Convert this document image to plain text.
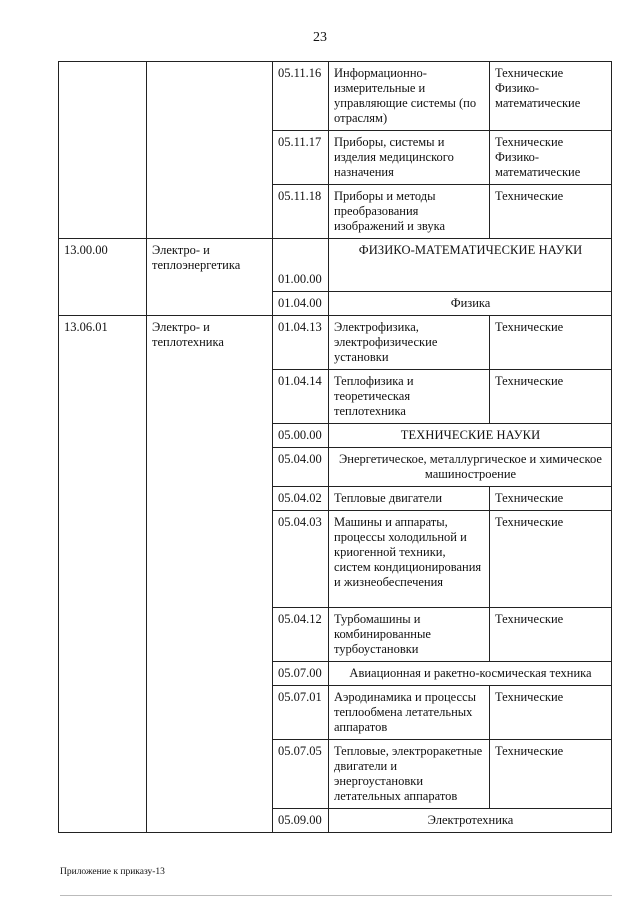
23
		05.11.16	Информационно-измерительные и управляющие системы (по отраслям)	Технические Физико-математические
		05.11.17	Приборы, системы и изделия медицинского назначения	Технические Физико-математические
		05.11.18	Приборы и методы преобразования изображений и звука	Технические
13.00.00	Электро- и теплоэнергетика	01.00.00	ФИЗИКО-МАТЕМАТИЧЕСКИЕ НАУКИ	
		01.04.00	Физика	
13.06.01	Электро- и теплотехника	01.04.13	Электрофизика, электрофизические установки	Технические
		01.04.14	Теплофизика и теоретическая теплотехника	Технические
		05.00.00	ТЕХНИЧЕСКИЕ НАУКИ	
		05.04.00	Энергетическое, металлургическое и химическое машиностроение	
		05.04.02	Тепловые двигатели	Технические
		05.04.03	Машины и аппараты, процессы холодильной и криогенной техники, систем кондиционирования и жизнеобеспечения	Технические
		05.04.12	Турбомашины и комбинированные турбоустановки	Технические
		05.07.00	Авиационная и ракетно-космическая техника	
		05.07.01	Аэродинамика и процессы теплообмена летательных аппаратов	Технические
		05.07.05	Тепловые, электроракетные двигатели и энергоустановки летательных аппаратов	Технические
		05.09.00	Электротехника	
Приложение к приказу-13
